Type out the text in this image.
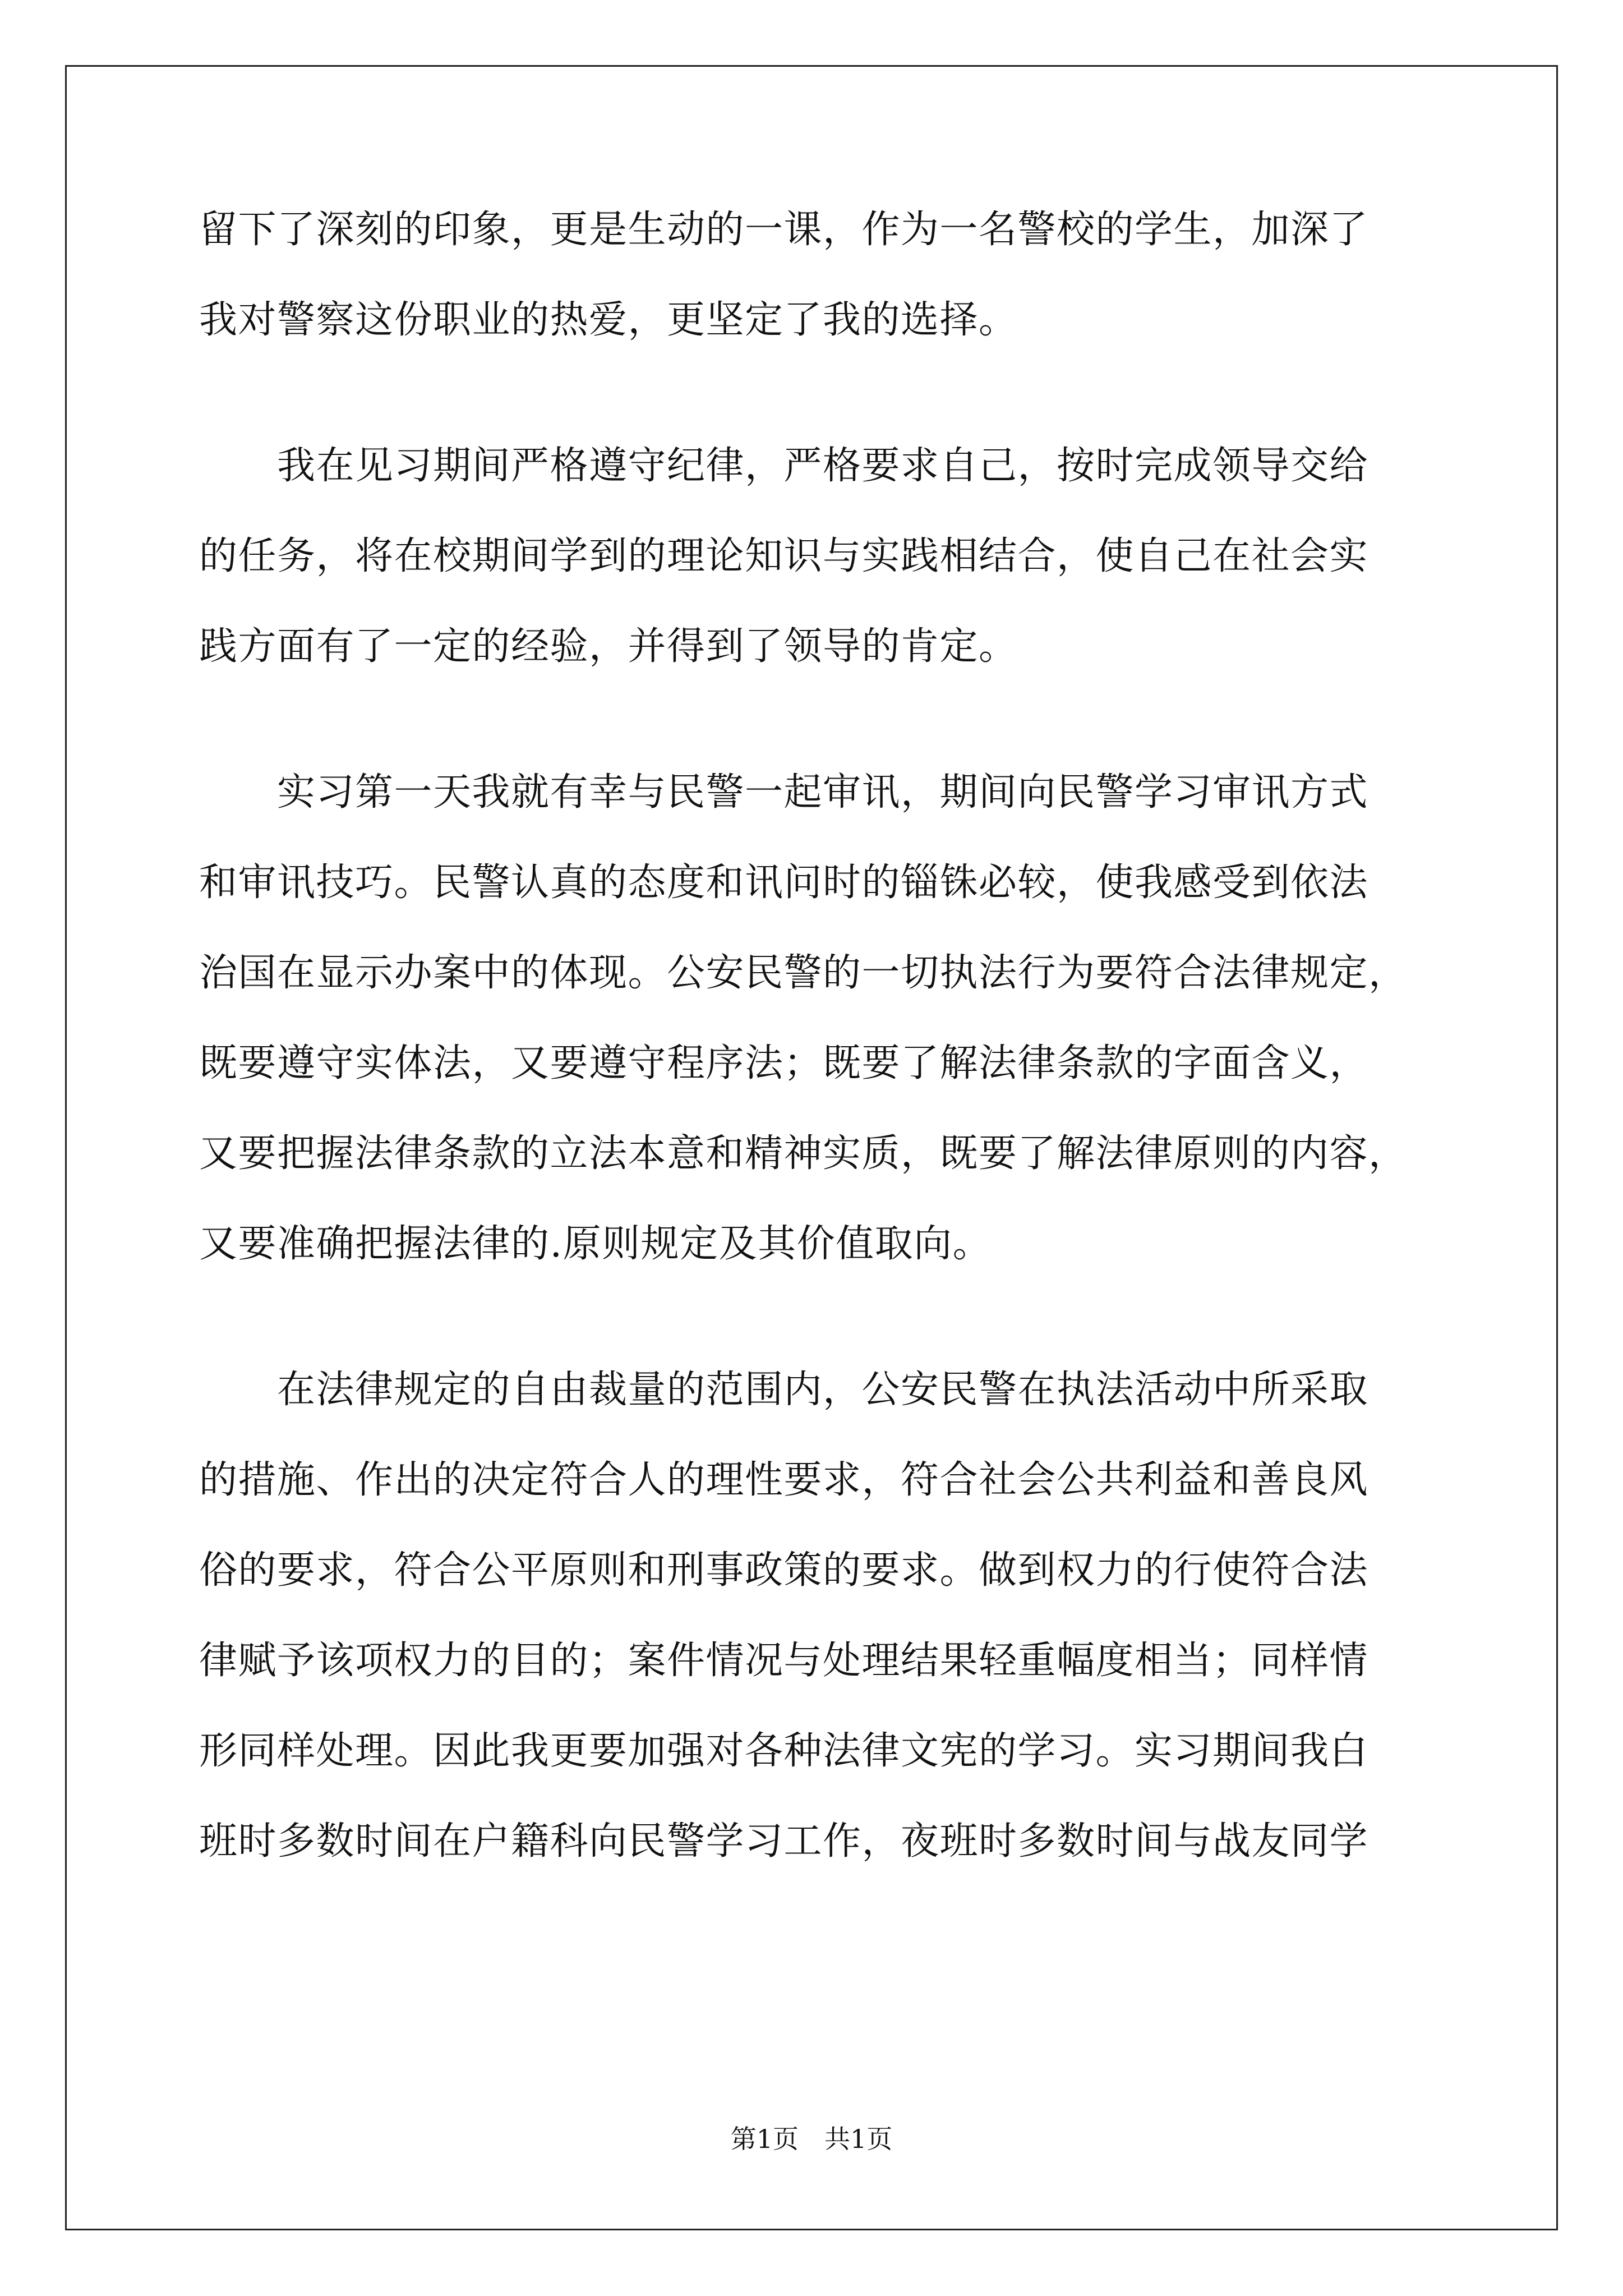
留下了深刻的印象，更是生动的一课，作为一名警校的学生，加深了
我对警察这份职业的热爱，更坚定了我的选择。
　　我在见习期间严格遵守纪律，严格要求自己，按时完成领导交给
的任务，将在校期间学到的理论知识与实践相结合，使自己在社会实
践方面有了一定的经验，并得到了领导的肯定。
　　实习第一天我就有幸与民警一起审讯，期间向民警学习审讯方式
和审讯技巧。民警认真的态度和讯问时的锱铢必较，使我感受到依法
治国在显示办案中的体现。公安民警的一切执法行为要符合法律规定，
既要遵守实体法，又要遵守程序法；既要了解法律条款的字面含义，
又要把握法律条款的立法本意和精神实质，既要了解法律原则的内容，
又要准确把握法律的.原则规定及其价值取向。
　　在法律规定的自由裁量的范围内，公安民警在执法活动中所采取
的措施、作出的决定符合人的理性要求，符合社会公共利益和善良风
俗的要求，符合公平原则和刑事政策的要求。做到权力的行使符合法
律赋予该项权力的目的；案件情况与处理结果轻重幅度相当；同样情
形同样处理。因此我更要加强对各种法律文宪的学习。实习期间我白
班时多数时间在户籍科向民警学习工作，夜班时多数时间与战友同学
第1页　共1页
